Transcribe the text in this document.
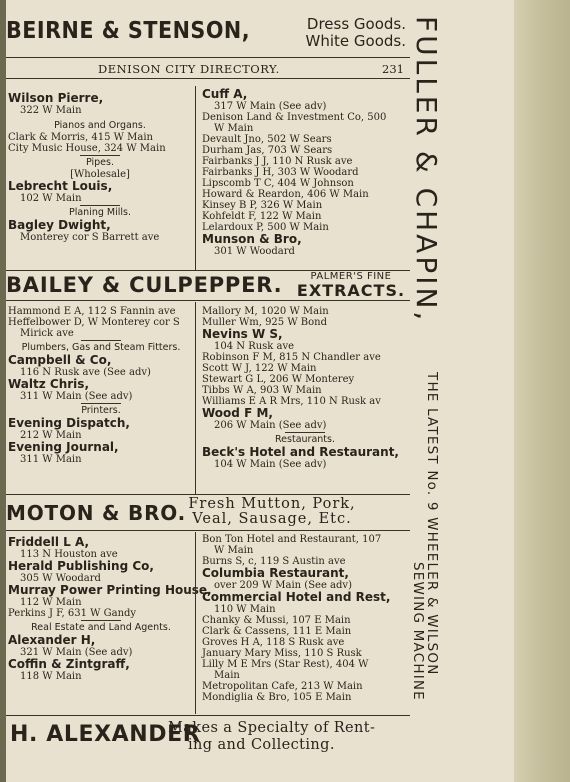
BEIRNE & STENSON,	Dress Goods.
White Goods.
DENISON CITY DIRECTORY.	231
Wilson Pierre,
322 W Main
Pianos and Organs.
Clark & Morris, 415 W Main
City Music House, 324 W Main
Pipes.
[Wholesale]
Lebrecht Louis,
102 W Main
Planing Mills.
Bagley Dwight,
Monterey cor S Barrett ave
Cuff A,
317 W Main (See adv)
Denison Land & Investment Co, 500
W Main
Devault Jno, 502 W Sears
Durham Jas, 703 W Sears
Fairbanks J J, 110 N Rusk ave
Fairbanks J H, 303 W Woodard
Lipscomb T C, 404 W Johnson
Howard & Reardon, 406 W Main
Kinsey B P, 326 W Main
Kohfeldt F, 122 W Main
Lelardoux P, 500 W Main
Munson & Bro,
301 W Woodard
BAILEY & CULPEPPER.	PALMER'S FINE
EXTRACTS.
Hammond E A, 112 S Fannin ave
Heffelbower D, W Monterey cor S
Mirick ave
Plumbers, Gas and Steam Fitters.
Campbell & Co,
116 N Rusk ave (See adv)
Waltz Chris,
311 W Main (See adv)
Printers.
Evening Dispatch,
212 W Main
Evening Journal,
311 W Main
Mallory M, 1020 W Main
Muller Wm, 925 W Bond
Nevins W S,
104 N Rusk ave
Robinson F M, 815 N Chandler ave
Scott W J, 122 W Main
Stewart G L, 206 W Monterey
Tibbs W A, 903 W Main
Williams E A R Mrs, 110 N Rusk av
Wood F M,
206 W Main (See adv)
Restaurants.
Beck's Hotel and Restaurant,
104 W Main (See adv)
MOTON & BRO. Fresh Mutton, Pork,
Veal, Sausage, Etc.
Friddell L A,
113 N Houston ave
Herald Publishing Co,
305 W Woodard
Murray Power Printing House,
112 W Main
Perkins J F, 631 W Gandy
Real Estate and Land Agents.
Alexander H,
321 W Main (See adv)
Coffin & Zintgraff,
118 W Main
Bon Ton Hotel and Restaurant, 107
W Main
Burns S, c, 119 S Austin ave
Columbia Restaurant,
over 209 W Main (See adv)
Commercial Hotel and Rest,
110 W Main
Chanky & Mussi, 107 E Main
Clark & Cassens, 111 E Main
Groves H A, 118 S Rusk ave
January Mary Miss, 110 S Rusk
Lilly M E Mrs (Star Rest), 404 W
Main
Metropolitan Cafe, 213 W Main
Mondiglia & Bro, 105 E Main
H. ALEXANDER
Makes a Specialty of Rent-
ing and Collecting.
FULLER & CHAPIN,
THE LATEST No. 9 WHEELER & WILSON
SEWING MACHINE
